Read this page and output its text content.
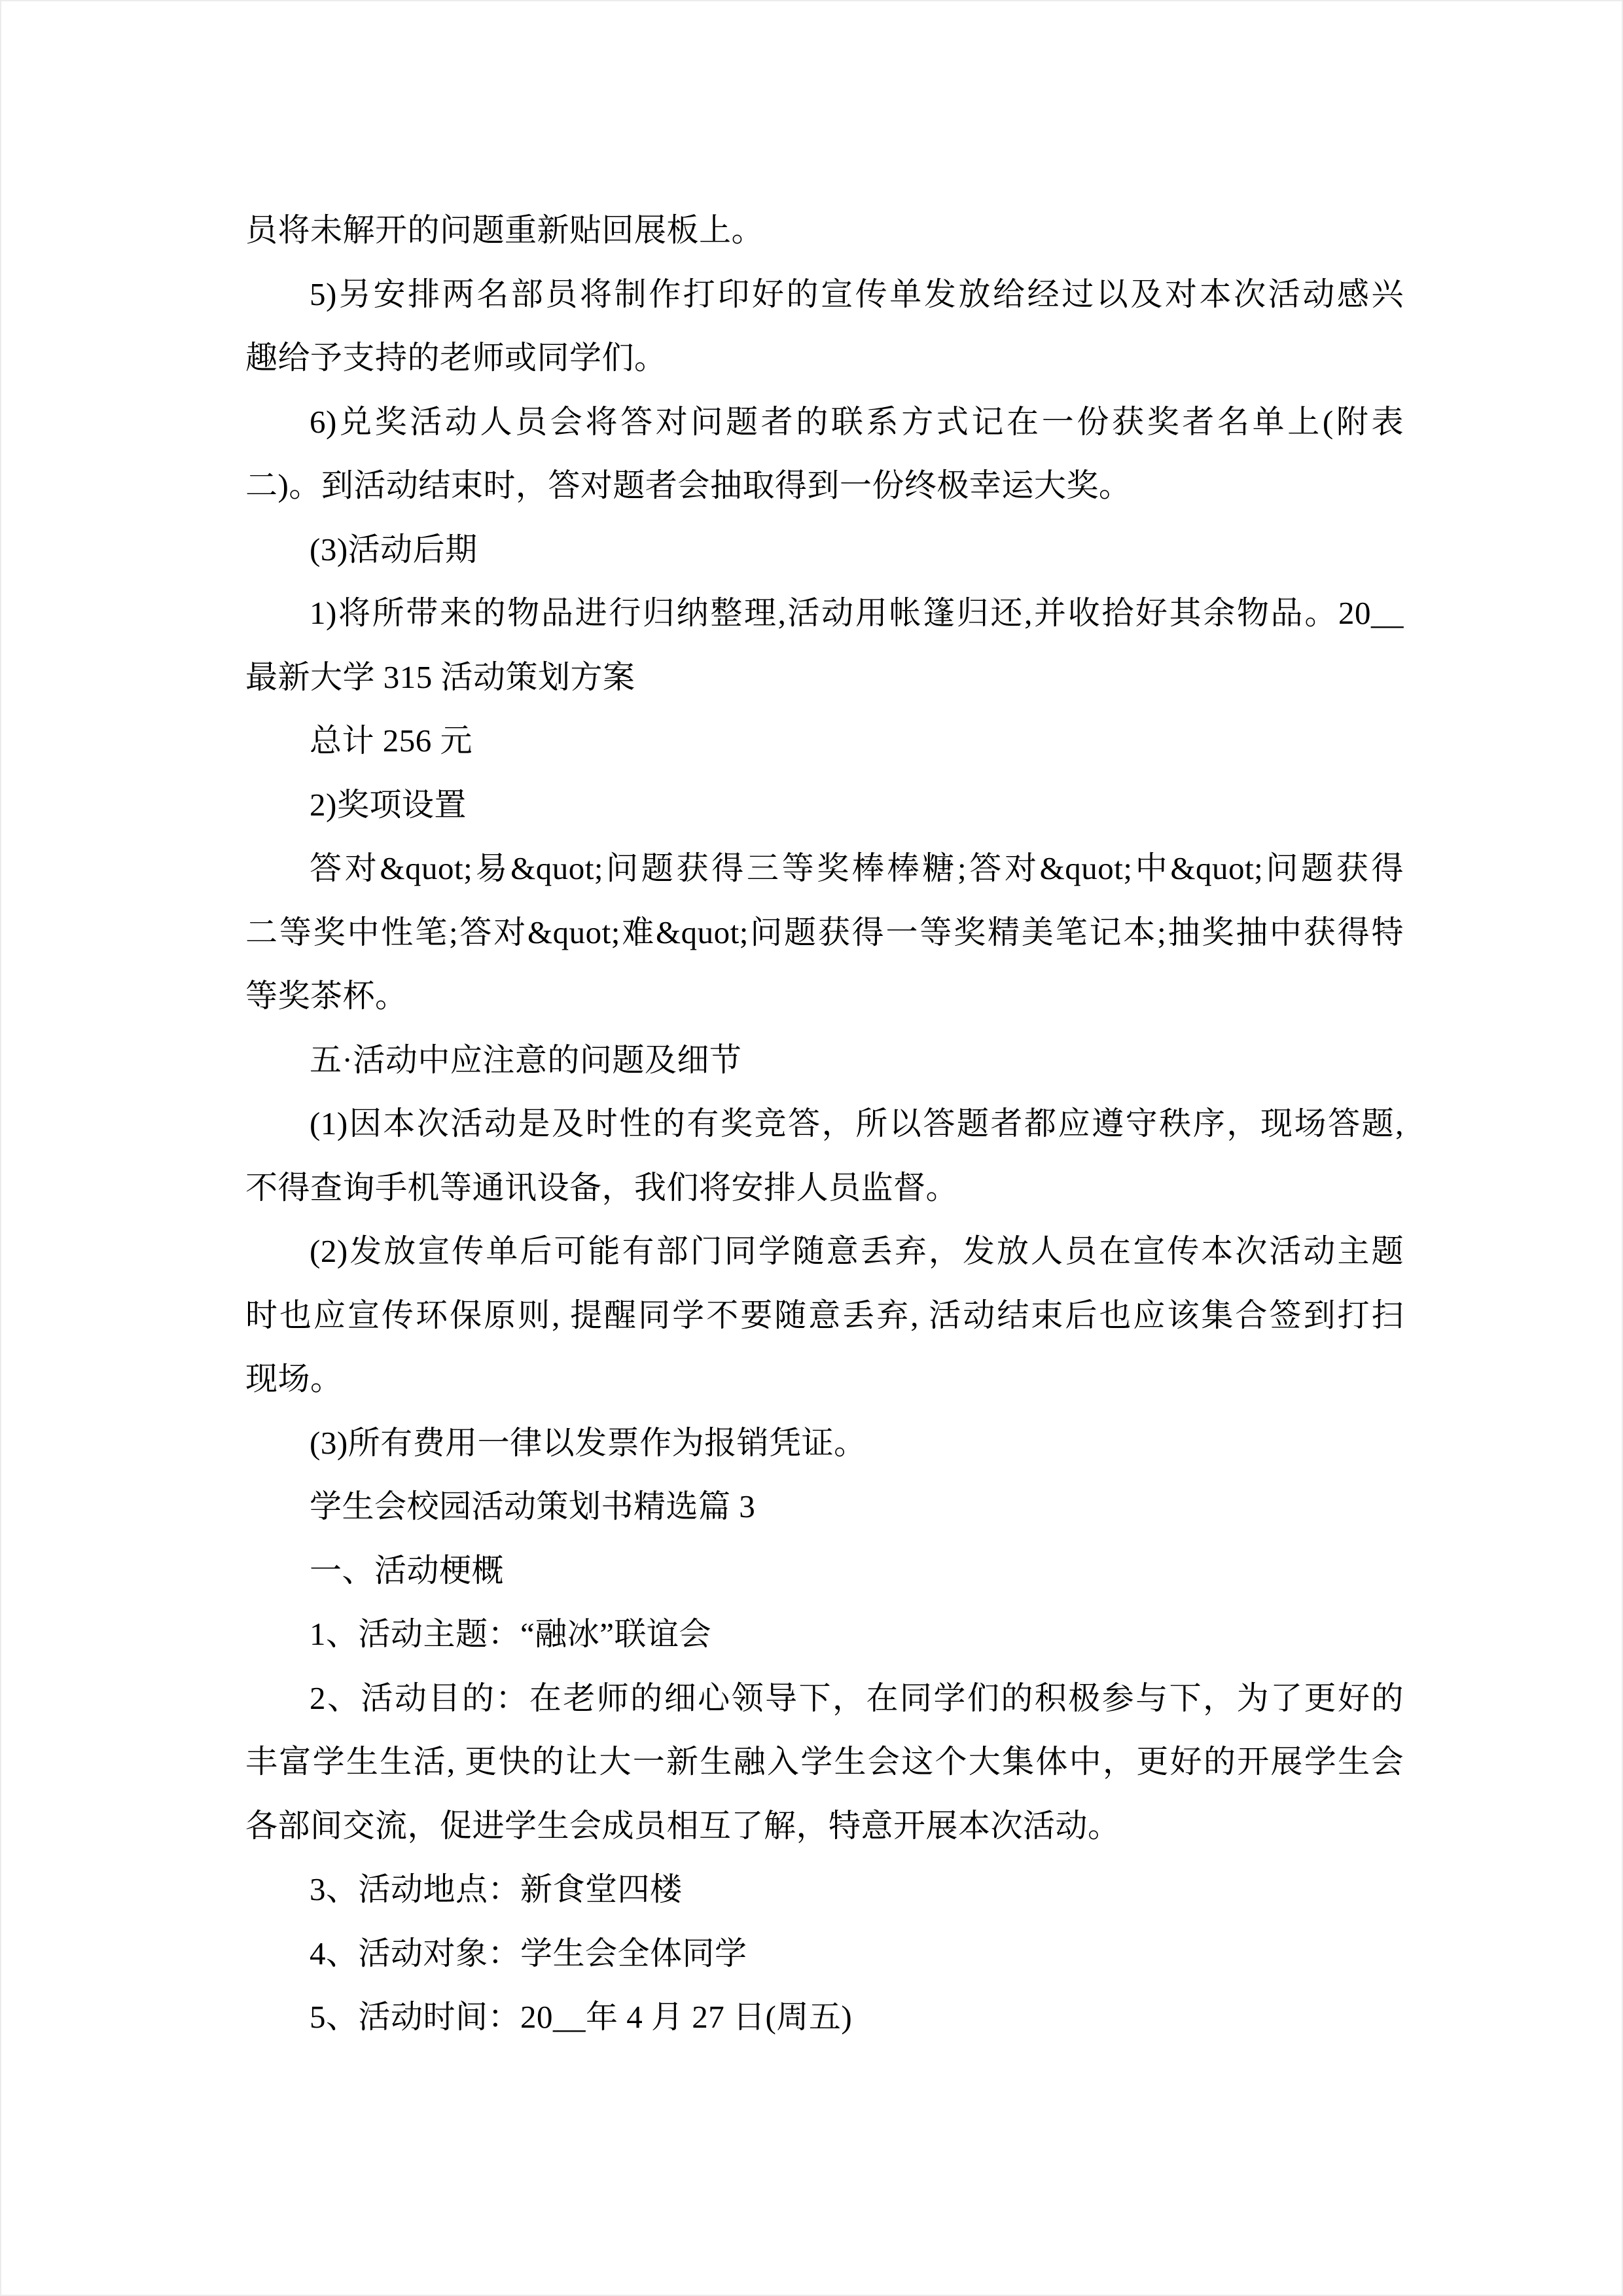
员将未解开的问题重新贴回展板上。
5)另安排两名部员将制作打印好的宣传单发放给经过以及对本次活动感兴
趣给予支持的老师或同学们。
6)兑奖活动人员会将答对问题者的联系方式记在一份获奖者名单上(附表
二)。到活动结束时，答对题者会抽取得到一份终极幸运大奖。
(3)活动后期
1)将所带来的物品进行归纳整理,活动用帐篷归还,并收拾好其余物品。20__
最新大学 315 活动策划方案
总计 256 元
2)奖项设置
答对&quot;易&quot;问题获得三等奖棒棒糖;答对&quot;中&quot;问题获得
二等奖中性笔;答对&quot;难&quot;问题获得一等奖精美笔记本;抽奖抽中获得特
等奖茶杯。
五·活动中应注意的问题及细节
(1)因本次活动是及时性的有奖竞答，所以答题者都应遵守秩序，现场答题,
不得查询手机等通讯设备，我们将安排人员监督。
(2)发放宣传单后可能有部门同学随意丢弃，发放人员在宣传本次活动主题
时也应宣传环保原则, 提醒同学不要随意丢弃, 活动结束后也应该集合签到打扫
现场。
(3)所有费用一律以发票作为报销凭证。
学生会校园活动策划书精选篇 3
一、活动梗概
1、活动主题：“融冰”联谊会
2、活动目的：在老师的细心领导下，在同学们的积极参与下，为了更好的
丰富学生生活, 更快的让大一新生融入学生会这个大集体中，更好的开展学生会
各部间交流，促进学生会成员相互了解，特意开展本次活动。
3、活动地点：新食堂四楼
4、活动对象：学生会全体同学
5、活动时间：20__年 4 月 27 日(周五)
